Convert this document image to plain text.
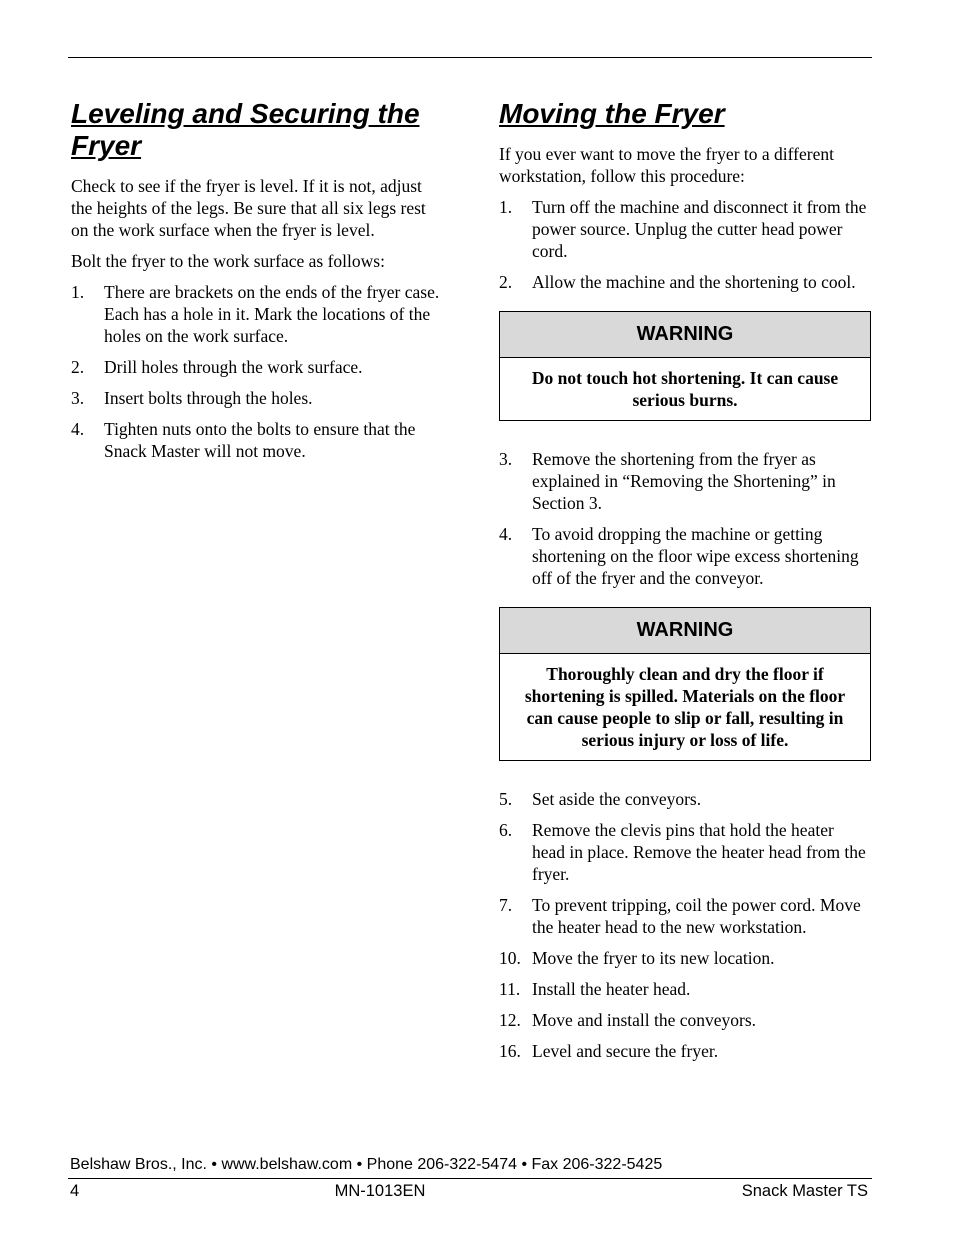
Leveling and Securing the Fryer

Check to see if the fryer is level. If it is not, adjust the heights of the legs. Be sure that all six legs rest on the work surface when the fryer is level.

Bolt the fryer to the work surface as follows:

1.	There are brackets on the ends of the fryer case. Each has a hole in it. Mark the locations of the holes on the work surface.
2.	Drill holes through the work surface.
3.	Insert bolts through the holes.
4.	Tighten nuts onto the bolts to ensure that the Snack Master will not move.
Moving the Fryer

If you ever want to move the fryer to a different workstation, follow this procedure:

1.	Turn off the machine and disconnect it from the power source. Unplug the cutter head power cord.
2.	Allow the machine and the shortening to cool.
WARNING
Do not touch hot shortening. It can cause serious burns.
3.	Remove the shortening from the fryer as explained in “Removing the Shortening” in Section 3.
4.	To avoid dropping the machine or getting shortening on the floor wipe excess shortening off of the fryer and the conveyor.
WARNING
Thoroughly clean and dry the floor if shortening is spilled. Materials on the floor can cause people to slip or fall, resulting in serious injury or loss of life.
5.	Set aside the conveyors.
6.	Remove the clevis pins that hold the heater head in place. Remove the heater head from the fryer.
7.	To prevent tripping, coil the power cord. Move the heater head to the new workstation.
10. Move the fryer to its new location.
11. Install the heater head.
12. Move and install the conveyors.
16. Level and secure the fryer.
Belshaw Bros., Inc. • www.belshaw.com • Phone 206-322-5474 • Fax 206-322-5425
4	MN-1013EN	Snack Master TS
